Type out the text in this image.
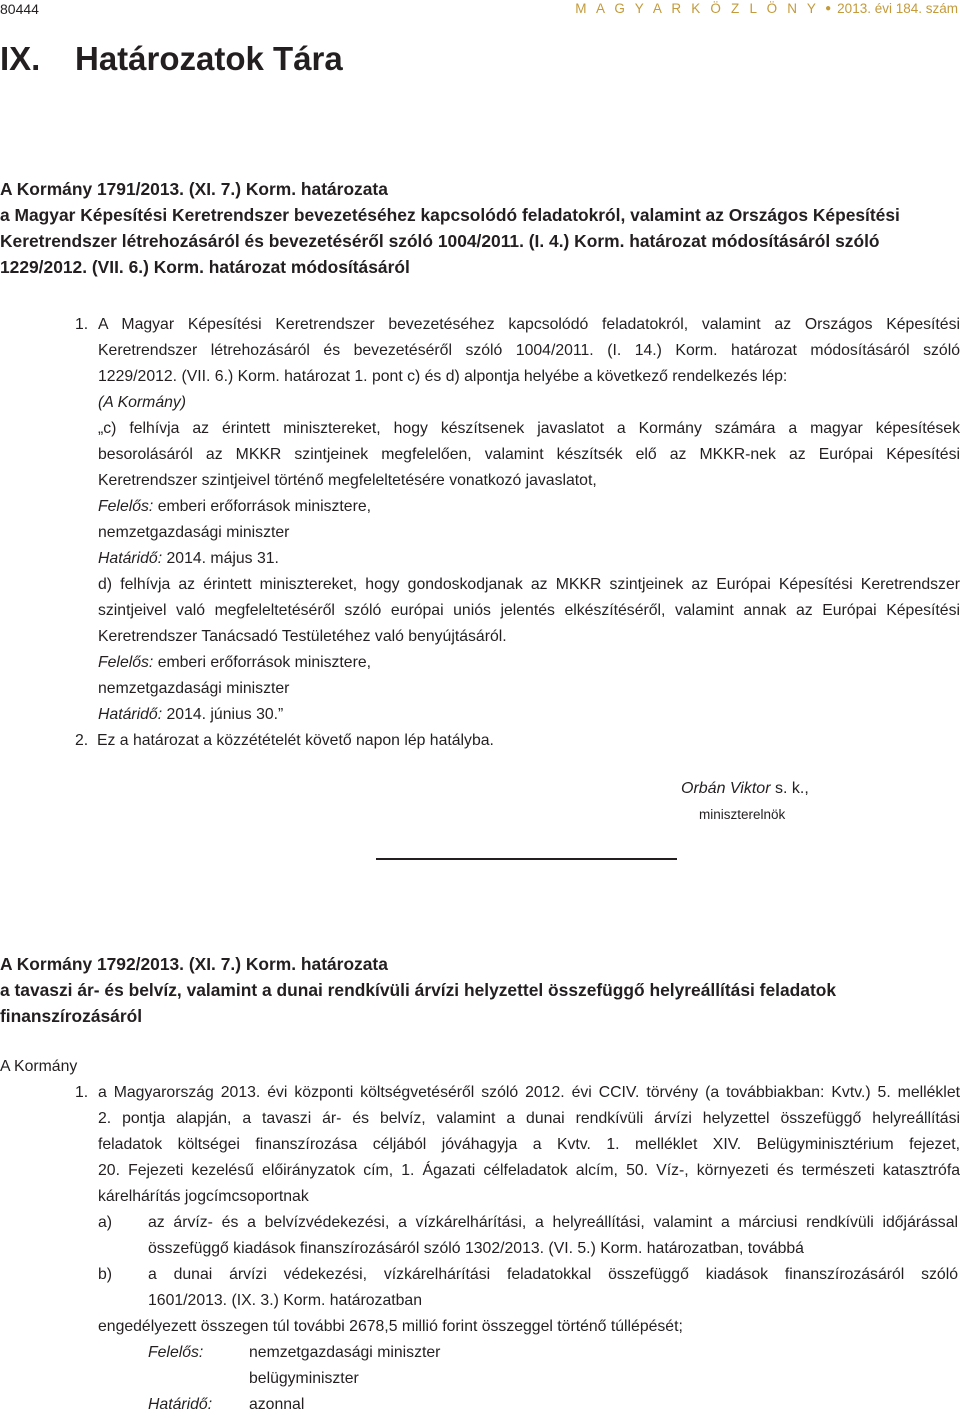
80444	M A G Y A R K Ö Z L Ö N Y ● 2013. évi 184. szám
IX. Határozatok Tára
A Kormány 1791/2013. (XI. 7.) Korm. határozata
a Magyar Képesítési Keretrendszer bevezetéséhez kapcsolódó feladatokról, valamint az Országos Képesítési
Keretrendszer létrehozásáról és bevezetéséről szóló 1004/2011. (I. 4.) Korm. határozat módosításáról szóló
1229/2012. (VII. 6.) Korm. határozat módosításáról
1. A Magyar Képesítési Keretrendszer bevezetéséhez kapcsolódó feladatokról, valamint az Országos Képesítési
Keretrendszer létrehozásáról és bevezetéséről szóló 1004/2011. (I. 14.) Korm. határozat módosításáról szóló
1229/2012. (VII. 6.) Korm. határozat 1. pont c) és d) alpontja helyébe a következő rendelkezés lép:
(A Kormány)
„c) felhívja az érintett minisztereket, hogy készítsenek javaslatot a Kormány számára a magyar képesítések
besorolásáról az MKKR szintjeinek megfelelően, valamint készítsék elő az MKKR-nek az Európai Képesítési
Keretrendszer szintjeivel történő megfeleltetésére vonatkozó javaslatot,
Felelős: emberi erőforrások minisztere,
nemzetgazdasági miniszter
Határidő: 2014. május 31.
d) felhívja az érintett minisztereket, hogy gondoskodjanak az MKKR szintjeinek az Európai Képesítési Keretrendszer
szintjeivel való megfeleltetéséről szóló európai uniós jelentés elkészítéséről, valamint annak az Európai Képesítési
Keretrendszer Tanácsadó Testületéhez való benyújtásáról.
Felelős: emberi erőforrások minisztere,
nemzetgazdasági miniszter
Határidő: 2014. június 30.”
2. Ez a határozat a közzétételét követő napon lép hatályba.
Orbán Viktor s. k.,
miniszterelnök
A Kormány 1792/2013. (XI. 7.) Korm. határozata
a tavaszi ár- és belvíz, valamint a dunai rendkívüli árvízi helyzettel összefüggő helyreállítási feladatok
finanszírozásáról
A Kormány
1. a Magyarország 2013. évi központi költségvetéséről szóló 2012. évi CCIV. törvény (a továbbiakban: Kvtv.) 5. melléklet
2. pontja alapján, a tavaszi ár- és belvíz, valamint a dunai rendkívüli árvízi helyzettel összefüggő helyreállítási
feladatok költségei finanszírozása céljából jóváhagyja a Kvtv. 1. melléklet XIV. Belügyminisztérium fejezet,
20. Fejezeti kezelésű előirányzatok cím, 1. Ágazati célfeladatok alcím, 50. Víz-, környezeti és természeti katasztrófa
kárelhárítás jogcímcsoportnak
a) az árvíz- és a belvízvédekezési, a vízkárelhárítási, a helyreállítási, valamint a márciusi rendkívüli időjárással
összefüggő kiadások finanszírozásáról szóló 1302/2013. (VI. 5.) Korm. határozatban, továbbá
b) a dunai árvízi védekezési, vízkárelhárítási feladatokkal összefüggő kiadások finanszírozásáról szóló
1601/2013. (IX. 3.) Korm. határozatban
engedélyezett összegen túl további 2678,5 millió forint összeggel történő túllépését;
Felelős:	nemzetgazdasági miniszter
belügyminiszter
Határidő: azonnal
